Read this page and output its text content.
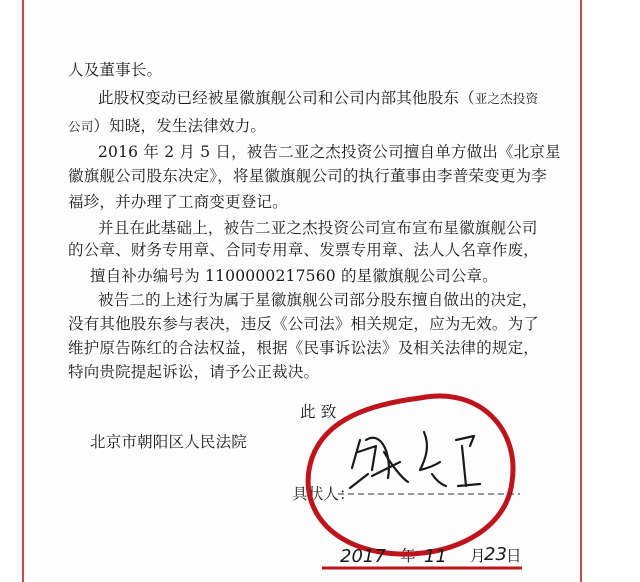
人及董事长。
此股权变动已经被星徽旗舰公司和公司内部其他股东（亚之杰投资
公司）知晓，发生法律效力。
2016 年 2 月 5 日，被告二亚之杰投资公司擅自单方做出《北京星
徽旗舰公司股东决定》，将星徽旗舰公司的执行董事由李普荣变更为李
福珍，并办理了工商变更登记。
并且在此基础上，被告二亚之杰投资公司宣布宣布星徽旗舰公司
的公章、财务专用章、合同专用章、发票专用章、法人人名章作废，
擅自补办编号为 1100000217560 的星徽旗舰公司公章。
被告二的上述行为属于星徽旗舰公司部分股东擅自做出的决定，
没有其他股东参与表决，违反《公司法》相关规定，应为无效。为了
维护原告陈红的合法权益，根据《民事诉讼法》及相关法律的规定，
特向贵院提起诉讼，请予公正裁决。
此 致
北京市朝阳区人民法院
具状人：
年	月 日
2017 11 23
